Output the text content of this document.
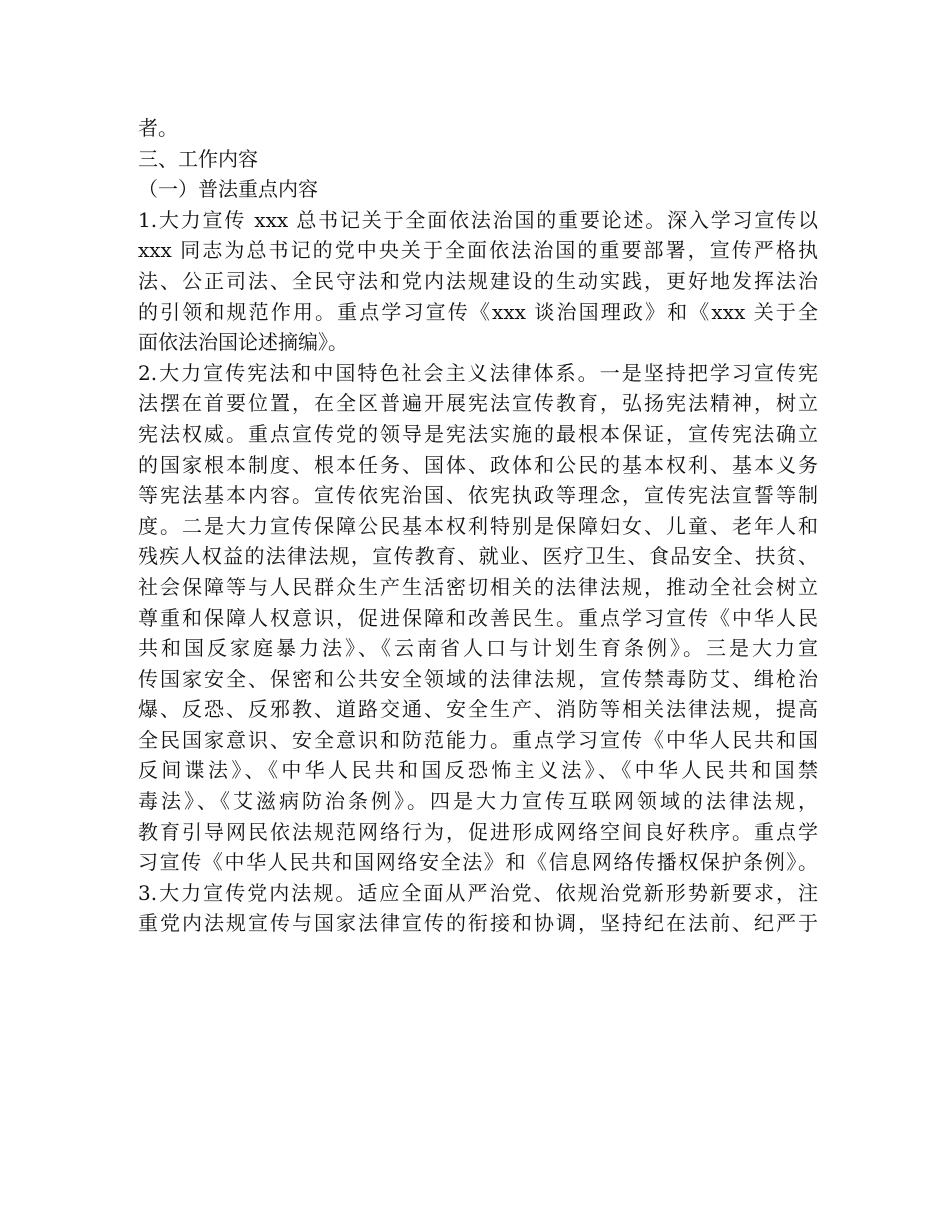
者。
三、工作内容
（一）普法重点内容
1.大力宣传 xxx 总书记关于全面依法治国的重要论述。深入学习宣传以
xxx 同志为总书记的党中央关于全面依法治国的重要部署，宣传严格执
法、公正司法、全民守法和党内法规建设的生动实践，更好地发挥法治
的引领和规范作用。重点学习宣传《xxx 谈治国理政》和《xxx 关于全
面依法治国论述摘编》。
2.大力宣传宪法和中国特色社会主义法律体系。一是坚持把学习宣传宪
法摆在首要位置，在全区普遍开展宪法宣传教育，弘扬宪法精神，树立
宪法权威。重点宣传党的领导是宪法实施的最根本保证，宣传宪法确立
的国家根本制度、根本任务、国体、政体和公民的基本权利、基本义务
等宪法基本内容。宣传依宪治国、依宪执政等理念，宣传宪法宣誓等制
度。二是大力宣传保障公民基本权利特别是保障妇女、儿童、老年人和
残疾人权益的法律法规，宣传教育、就业、医疗卫生、食品安全、扶贫、
社会保障等与人民群众生产生活密切相关的法律法规，推动全社会树立
尊重和保障人权意识，促进保障和改善民生。重点学习宣传《中华人民
共和国反家庭暴力法》、《云南省人口与计划生育条例》。三是大力宣
传国家安全、保密和公共安全领域的法律法规，宣传禁毒防艾、缉枪治
爆、反恐、反邪教、道路交通、安全生产、消防等相关法律法规，提高
全民国家意识、安全意识和防范能力。重点学习宣传《中华人民共和国
反间谍法》、《中华人民共和国反恐怖主义法》、《中华人民共和国禁
毒法》、《艾滋病防治条例》。四是大力宣传互联网领域的法律法规，
教育引导网民依法规范网络行为，促进形成网络空间良好秩序。重点学
习宣传《中华人民共和国网络安全法》和《信息网络传播权保护条例》。
3.大力宣传党内法规。适应全面从严治党、依规治党新形势新要求，注
重党内法规宣传与国家法律宣传的衔接和协调，坚持纪在法前、纪严于
